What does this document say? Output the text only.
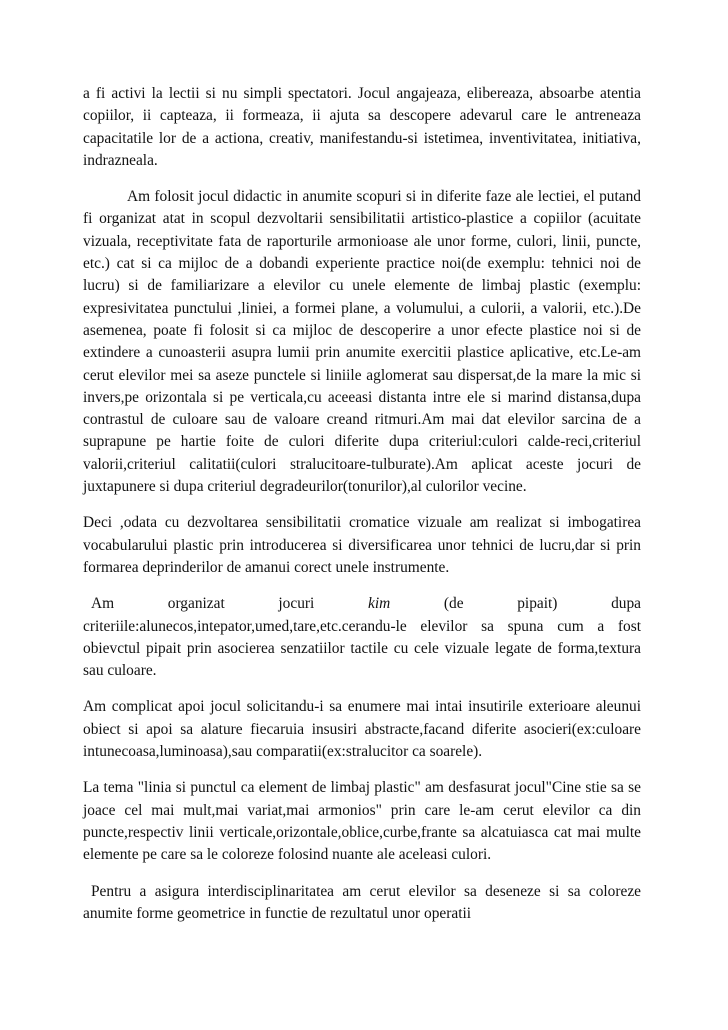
a fi activi la lectii si nu simpli spectatori. Jocul angajeaza, elibereaza, absoarbe atentia copiilor, ii capteaza, ii formeaza, ii ajuta sa descopere adevarul care le antreneaza capacitatile lor de a actiona, creativ, manifestandu-si istetimea, inventivitatea, initiativa, indrazneala.

Am folosit jocul didactic in anumite scopuri si in diferite faze ale lectiei, el putand fi organizat atat in scopul dezvoltarii sensibilitatii artistico-plastice a copiilor (acuitate vizuala, receptivitate fata de raporturile armonioase ale unor forme, culori, linii, puncte, etc.) cat si ca mijloc de a dobandi experiente practice noi(de exemplu: tehnici noi de lucru) si de familiarizare a elevilor cu unele elemente de limbaj plastic (exemplu: expresivitatea punctului ,liniei, a formei plane, a volumului, a culorii, a valorii, etc.).De asemenea, poate fi folosit si ca mijloc de descoperire a unor efecte plastice noi si de extindere a cunoasterii asupra lumii prin anumite exercitii plastice aplicative, etc.Le-am cerut elevilor mei sa aseze punctele si liniile aglomerat sau dispersat,de la mare la mic si invers,pe orizontala si pe verticala,cu aceeasi distanta intre ele si marind distansa,dupa contrastul de culoare sau de valoare creand ritmuri.Am mai dat elevilor sarcina de a suprapune pe hartie foite de culori diferite dupa criteriul:culori calde-reci,criteriul valorii,criteriul calitatii(culori stralucitoare-tulburate).Am aplicat aceste jocuri de juxtapunere si dupa criteriul degradeurilor(tonurilor),al culorilor vecine.

Deci ,odata cu dezvoltarea sensibilitatii cromatice vizuale am realizat si imbogatirea vocabularului plastic prin introducerea si diversificarea unor tehnici de lucru,dar si prin formarea deprinderilor de amanui corect unele instrumente.

Am organizat jocuri kim (de pipait) dupa criteriile:alunecos,intepator,umed,tare,etc.cerandu-le elevilor sa spuna cum a fost obievctul pipait prin asocierea senzatiilor tactile cu cele vizuale legate de forma,textura sau culoare.

Am complicat apoi jocul solicitandu-i sa enumere mai intai insutirile exterioare aleunui obiect si apoi sa alature fiecaruia insusiri abstracte,facand diferite asocieri(ex:culoare intunecoasa,luminoasa),sau comparatii(ex:stralucitor ca soarele).

La tema "linia si punctul ca element de limbaj plastic" am desfasurat jocul"Cine stie sa se joace cel mai mult,mai variat,mai armonios" prin care le-am cerut elevilor ca din puncte,respectiv linii verticale,orizontale,oblice,curbe,frante sa alcatuiasca cat mai multe elemente pe care sa le coloreze folosind nuante ale aceleasi culori.

Pentru a asigura interdisciplinaritatea am cerut elevilor sa deseneze si sa coloreze anumite forme geometrice in functie de rezultatul unor operatii
